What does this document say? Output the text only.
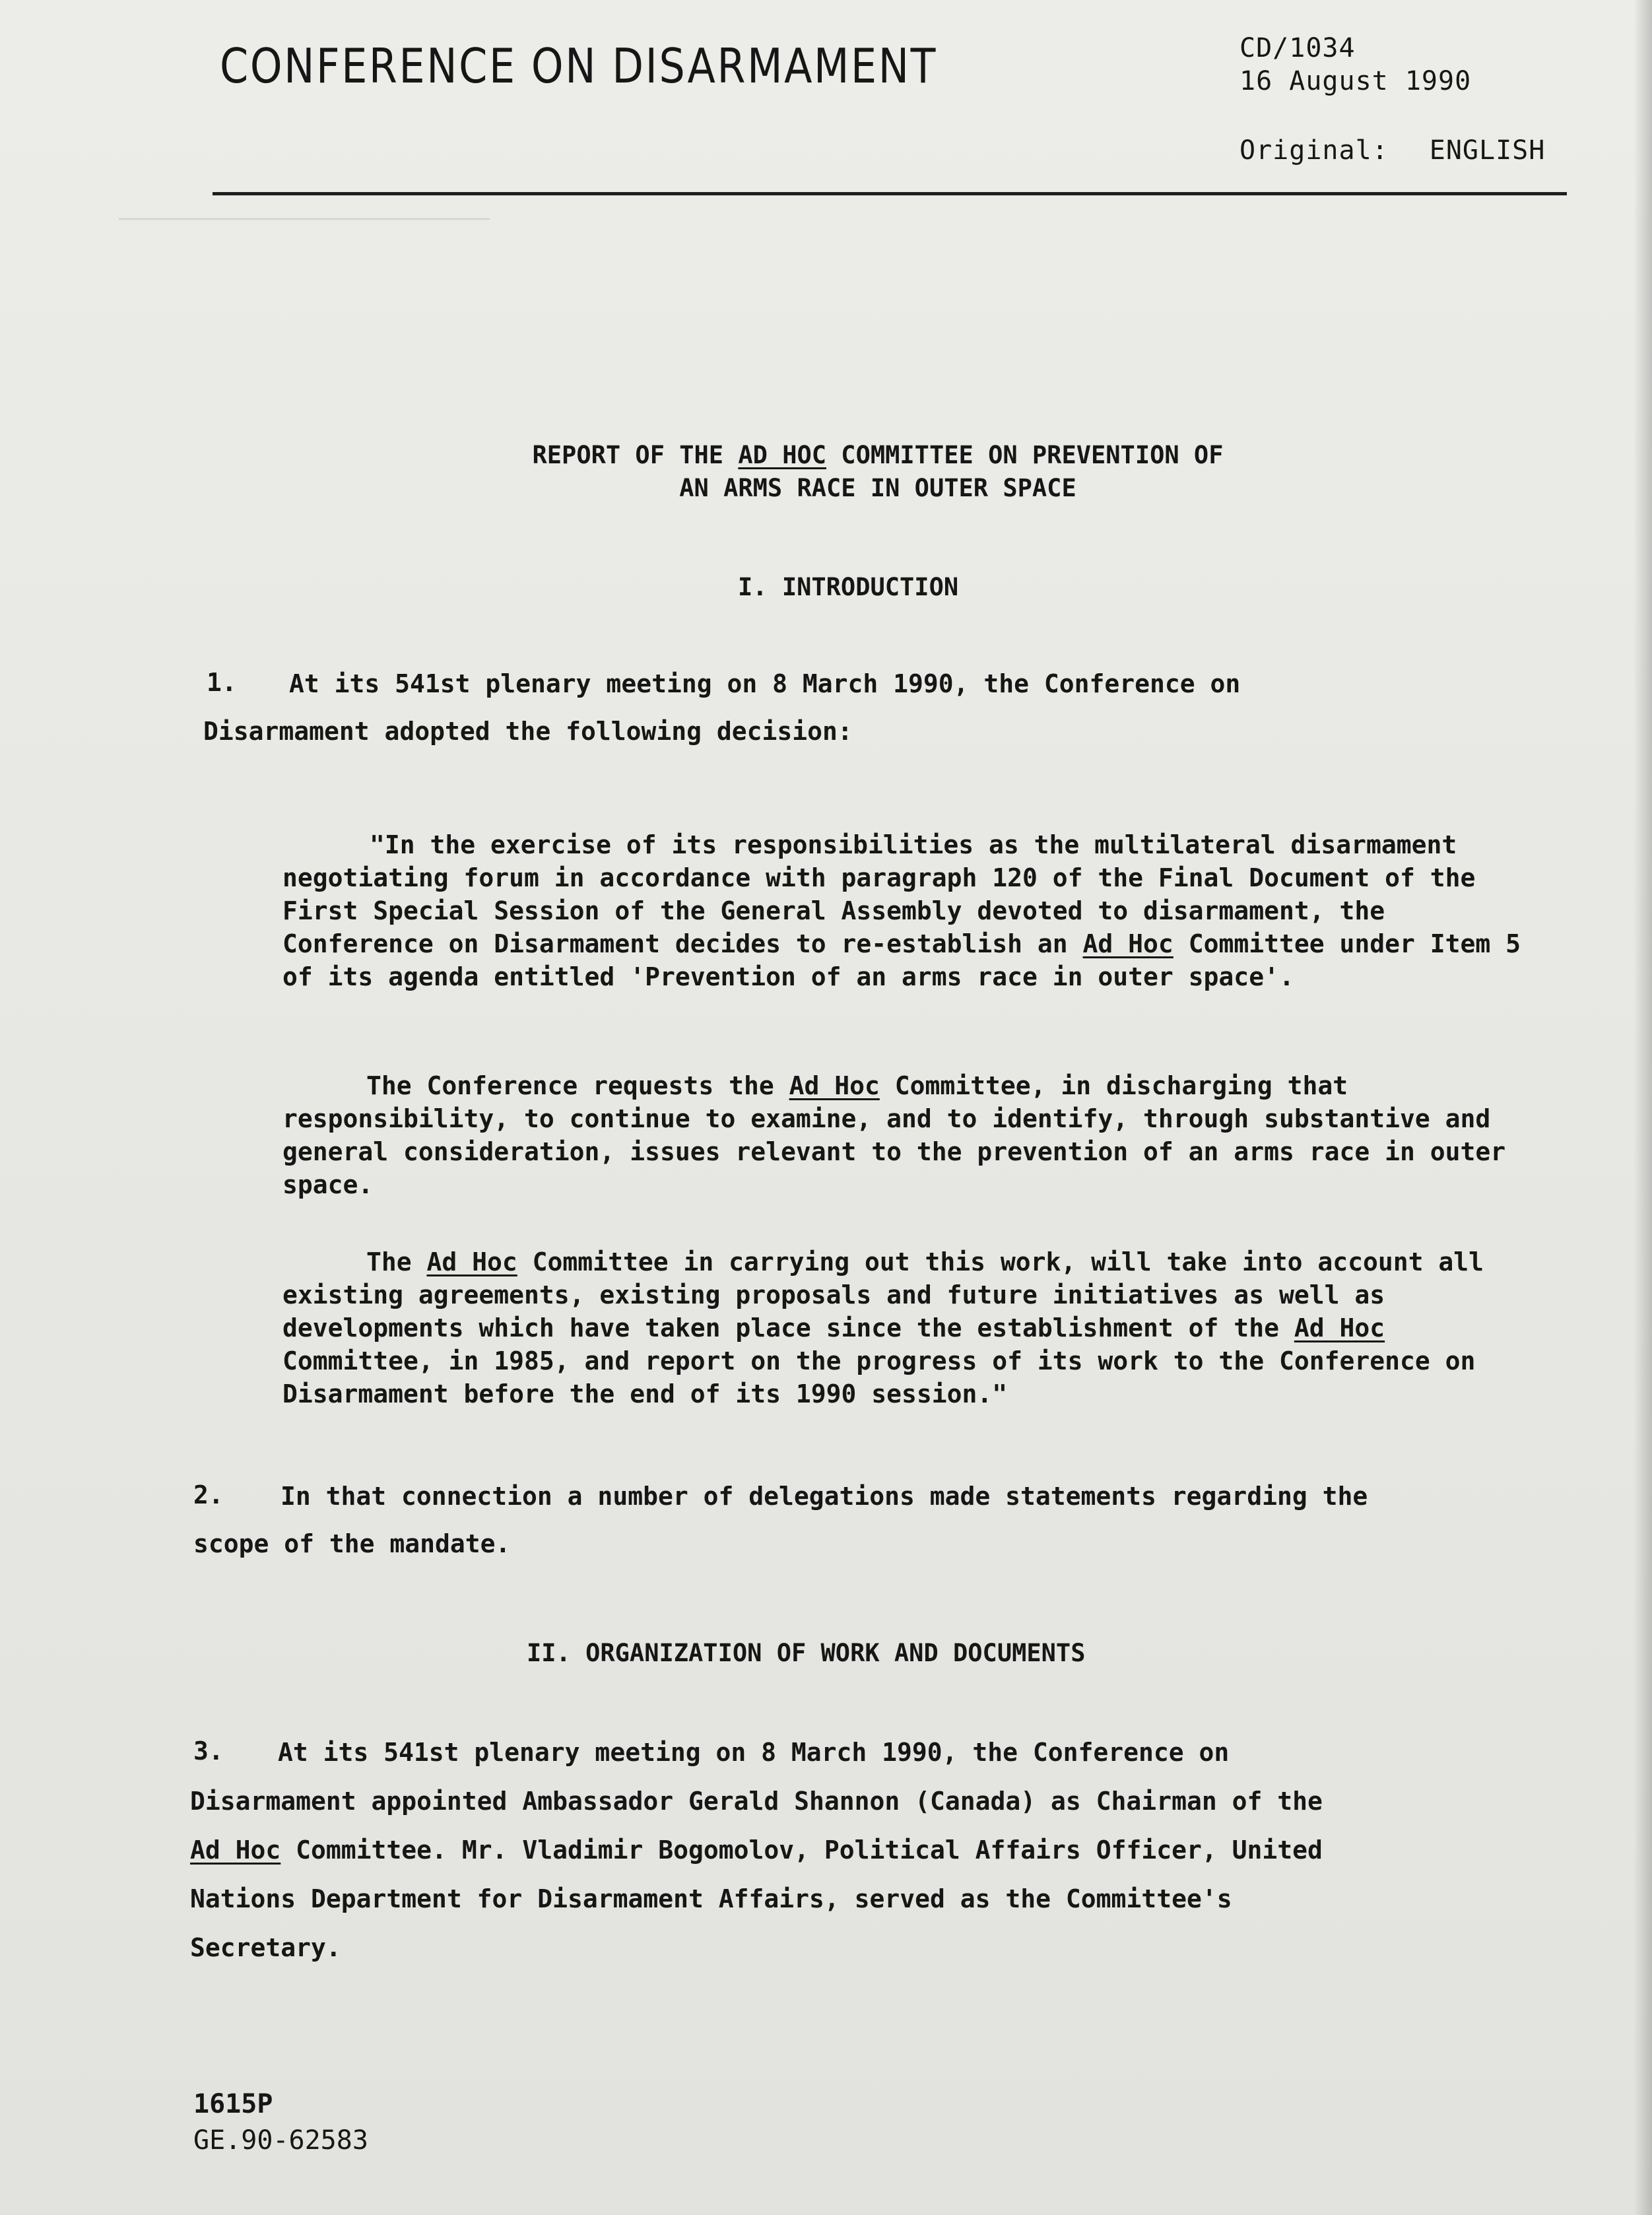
──────────────────────────
CONFERENCE ON DISARMAMENT	CD/1034
16 August 1990
Original: ENGLISH
REPORT OF THE AD HOC COMMITTEE ON PREVENTION OF
AN ARMS RACE IN OUTER SPACE
I. INTRODUCTION
1. At its 541st plenary meeting on 8 March 1990, the Conference on
Disarmament adopted the following decision:

"In the exercise of its responsibilities as the multilateral disarmament negotiating forum in accordance with paragraph 120 of the Final Document of the First Special Session of the General Assembly devoted to disarmament, the Conference on Disarmament decides to re-establish an Ad Hoc Committee under Item 5 of its agenda entitled 'Prevention of an arms race in outer space'.

The Conference requests the Ad Hoc Committee, in discharging that responsibility, to continue to examine, and to identify, through substantive and general consideration, issues relevant to the prevention of an arms race in outer space.

The Ad Hoc Committee in carrying out this work, will take into account all existing agreements, existing proposals and future initiatives as well as developments which have taken place since the establishment of the Ad Hoc Committee, in 1985, and report on the progress of its work to the Conference on Disarmament before the end of its 1990 session."

2. In that connection a number of delegations made statements regarding the
scope of the mandate.
II. ORGANIZATION OF WORK AND DOCUMENTS
3. At its 541st plenary meeting on 8 March 1990, the Conference on
Disarmament appointed Ambassador Gerald Shannon (Canada) as Chairman of the
Ad Hoc Committee. Mr. Vladimir Bogomolov, Political Affairs Officer, United
Nations Department for Disarmament Affairs, served as the Committee's
Secretary.
1615P
GE.90-62583
